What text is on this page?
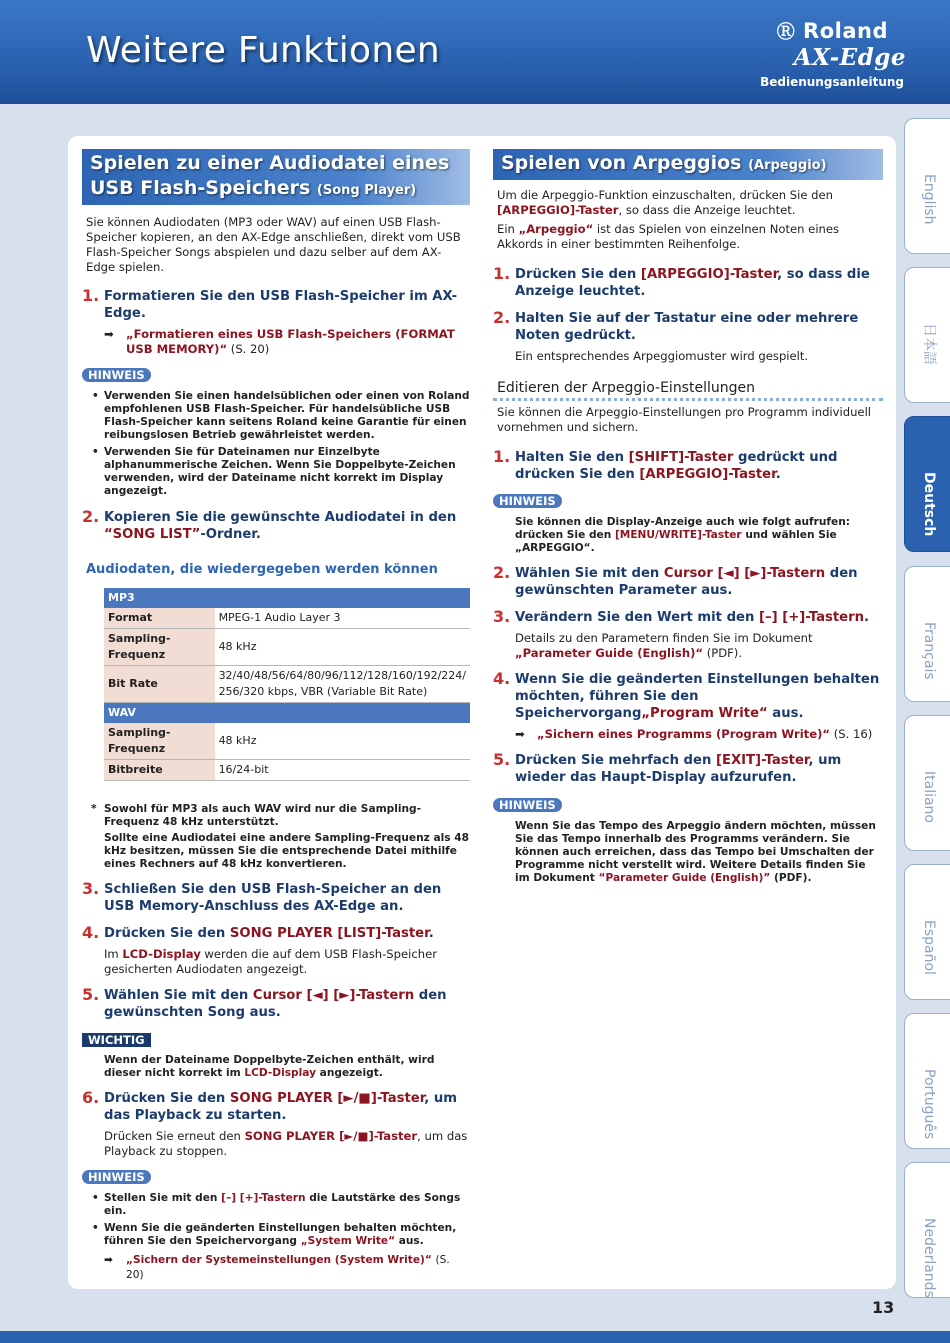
Weitere Funktionen	Ⓡ Roland
AX-Edge
Bedienungsanleitung
English
日本語
Deutsch
Français
Italiano
Español
Português
Nederlands
Spielen zu einer Audiodatei eines
USB Flash-Speichers (Song Player)
Sie können Audiodaten (MP3 oder WAV) auf einen USB Flash-Speicher kopieren, an den AX-Edge anschließen, direkt vom USB Flash-Speicher Songs abspielen und dazu selber auf dem AX-Edge spielen.
1. Formatieren Sie den USB Flash-Speicher im AX-Edge.
➡ „Formatieren eines USB Flash-Speichers (FORMAT USB MEMORY)“ (S. 20)
HINWEIS
• Verwenden Sie einen handelsüblichen oder einen von Roland empfohlenen USB Flash-Speicher. Für handelsübliche USB Flash-Speicher kann seitens Roland keine Garantie für einen reibungslosen Betrieb gewährleistet werden.
• Verwenden Sie für Dateinamen nur Einzelbyte alphanummerische Zeichen. Wenn Sie Doppelbyte-Zeichen verwenden, wird der Dateiname nicht korrekt im Display angezeigt.
2. Kopieren Sie die gewünschte Audiodatei in den “SONG LIST”-Ordner.
Audiodaten, die wiedergegeben werden können
MP3	
Format	MPEG-1 Audio Layer 3
Sampling-Frequenz	48 kHz
Bit Rate	32/40/48/56/64/80/96/112/128/160/192/224/ 256/320 kbps, VBR (Variable Bit Rate)
WAV	
Sampling-Frequenz	48 kHz
Bitbreite	16/24-bit
* Sowohl für MP3 als auch WAV wird nur die Sampling-Frequenz 48 kHz unterstützt.
Sollte eine Audiodatei eine andere Sampling-Frequenz als 48 kHz besitzen, müssen Sie die entsprechende Datei mithilfe eines Rechners auf 48 kHz konvertieren.
3. Schließen Sie den USB Flash-Speicher an den USB Memory-Anschluss des AX-Edge an.
4. Drücken Sie den SONG PLAYER [LIST]-Taster.
Im LCD-Display werden die auf dem USB Flash-Speicher gesicherten Audiodaten angezeigt.
5. Wählen Sie mit den Cursor [◄] [►]-Tastern den gewünschten Song aus.
WICHTIG
Wenn der Dateiname Doppelbyte-Zeichen enthält, wird dieser nicht korrekt im LCD-Display angezeigt.
6. Drücken Sie den SONG PLAYER [►/■]-Taster, um das Playback zu starten.
Drücken Sie erneut den SONG PLAYER [►/■]-Taster, um das Playback zu stoppen.
HINWEIS
• Stellen Sie mit den [–] [+]-Tastern die Lautstärke des Songs ein.
• Wenn Sie die geänderten Einstellungen behalten möchten, führen Sie den Speichervorgang „System Write“ aus.
➡ „Sichern der Systemeinstellungen (System Write)“ (S. 20)
Spielen von Arpeggios (Arpeggio)
Um die Arpeggio-Funktion einzuschalten, drücken Sie den [ARPEGGIO]-Taster, so dass die Anzeige leuchtet.
Ein „Arpeggio“ ist das Spielen von einzelnen Noten eines Akkords in einer bestimmten Reihenfolge.
1. Drücken Sie den [ARPEGGIO]-Taster, so dass die Anzeige leuchtet.
2. Halten Sie auf der Tastatur eine oder mehrere Noten gedrückt.
Ein entsprechendes Arpeggiomuster wird gespielt.
Editieren der Arpeggio-Einstellungen
Sie können die Arpeggio-Einstellungen pro Programm individuell vornehmen und sichern.
1. Halten Sie den [SHIFT]-Taster gedrückt und drücken Sie den [ARPEGGIO]-Taster.
HINWEIS
Sie können die Display-Anzeige auch wie folgt aufrufen: drücken Sie den [MENU/WRITE]-Taster und wählen Sie „ARPEGGIO“.
2. Wählen Sie mit den Cursor [◄] [►]-Tastern den gewünschten Parameter aus.
3. Verändern Sie den Wert mit den [–] [+]-Tastern.
Details zu den Parametern finden Sie im Dokument „Parameter Guide (English)“ (PDF).
4. Wenn Sie die geänderten Einstellungen behalten möchten, führen Sie den Speichervorgang„Program Write“ aus.
➡ „Sichern eines Programms (Program Write)“ (S. 16)
5. Drücken Sie mehrfach den [EXIT]-Taster, um wieder das Haupt-Display aufzurufen.
HINWEIS
Wenn Sie das Tempo des Arpeggio ändern möchten, müssen Sie das Tempo innerhalb des Programms verändern. Sie können auch erreichen, dass das Tempo bei Umschalten der Programme nicht verstellt wird. Weitere Details finden Sie im Dokument “Parameter Guide (English)” (PDF).
13
